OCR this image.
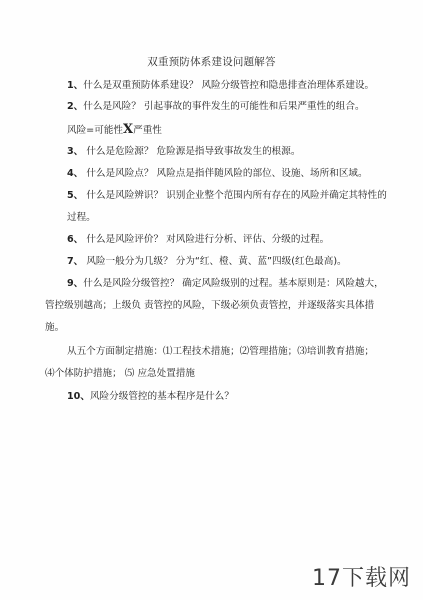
双重预防体系建设问题解答
1、什么是双重预防体系建设？ 风险分级管控和隐患排查治理体系建设。
2、什么是风险？ 引起事故的事件发生的可能性和后果严重性的组合。
风险=可能性X严重性
3、 什么是危险源？ 危险源是指导致事故发生的根源。
4、 什么是风险点？ 风险点是指伴随风险的部位、设施、场所和区域。
5、 什么是风险辨识？ 识别企业整个范围内所有存在的风险并确定其特性的
过程。
6、 什么是风险评价？ 对风险进行分析、评估、分级的过程。
7、 风险一般分为几级？ 分为“红、橙、黄、蓝”四级(红色最高)。
9、什么是风险分级管控？ 确定风险级别的过程。基本原则是：风险越大，
管控级别越高；上级负 责管控的风险，下级必须负责管控，并逐级落实具体措
施。
从五个方面制定措施：⑴工程技术措施；⑵管理措施；⑶培训教育措施；
⑷个体防护措施； ⑸ 应急处置措施
10、风险分级管控的基本程序是什么？
17下载网
